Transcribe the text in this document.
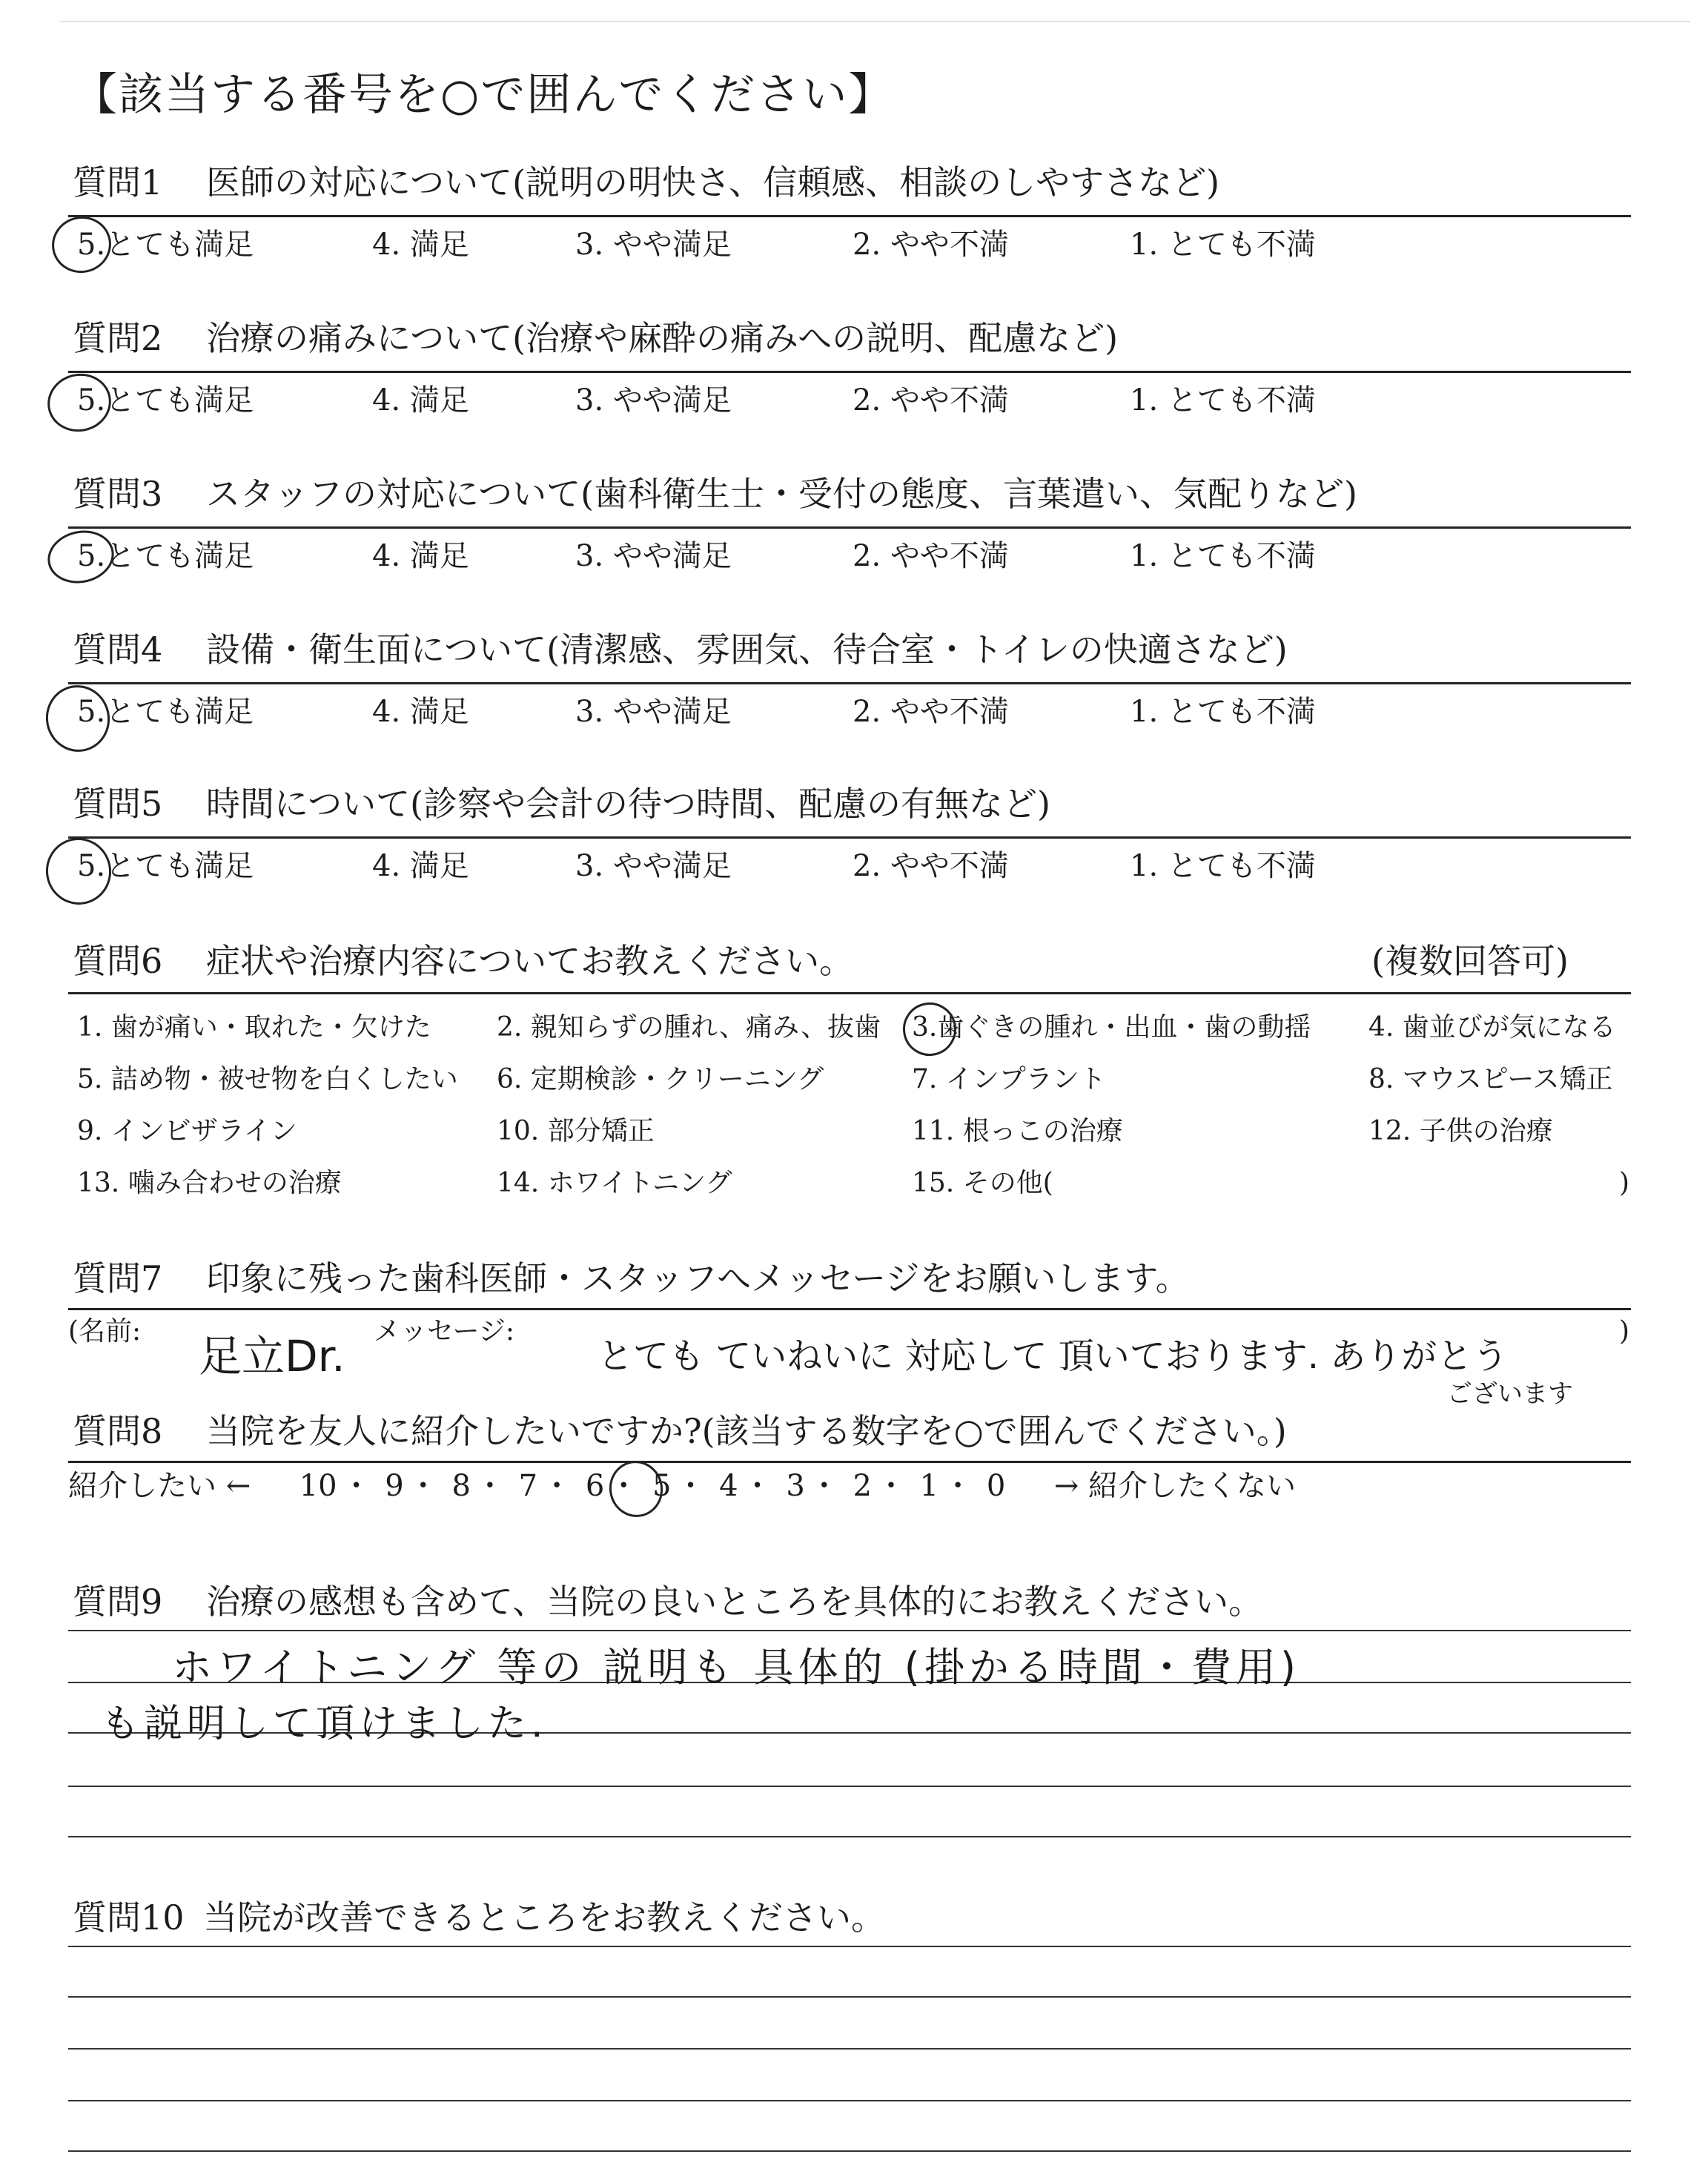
【該当する番号を○で囲んでください】
質問1 医師の対応について(説明の明快さ、信頼感、相談のしやすさなど)
5.とても満足	4. 満足	3. やや満足	2. やや不満	1. とても不満
質問2 治療の痛みについて(治療や麻酔の痛みへの説明、配慮など)
5.とても満足	4. 満足	3. やや満足	2. やや不満	1. とても不満
質問3 スタッフの対応について(歯科衛生士・受付の態度、言葉遣い、気配りなど)
5.とても満足	4. 満足	3. やや満足	2. やや不満	1. とても不満
質問4 設備・衛生面について(清潔感、雰囲気、待合室・トイレの快適さなど)
5.とても満足	4. 満足	3. やや満足	2. やや不満	1. とても不満
質問5 時間について(診察や会計の待つ時間、配慮の有無など)
5.とても満足	4. 満足	3. やや満足	2. やや不満	1. とても不満
質問6 症状や治療内容についてお教えください。	(複数回答可)
1. 歯が痛い・取れた・欠けた 2. 親知らずの腫れ、痛み、抜歯 3.歯ぐきの腫れ・出血・歯の動揺 4. 歯並びが気になる
5. 詰め物・被せ物を白くしたい 6. 定期検診・クリーニング	7. インプラント	8. マウスピース矯正
9. インビザライン	10. 部分矯正	11. 根っこの治療	12. 子供の治療
13. 噛み合わせの治療	14. ホワイトニング	15. その他(	)
質問7 印象に残った歯科医師・スタッフへメッセージをお願いします。
(名前:	メッセージ:	)
足立Dr.	とても ていねいに 対応して 頂いております. ありがとう
ございます
質問8 当院を友人に紹介したいですか?(該当する数字を○で囲んでください。)
紹介したい ← 10 ・ 9 ・ 8 ・ 7 ・ 6 ・ 5 ・ 4 ・ 3 ・ 2 ・ 1 ・ 0 → 紹介したくない
質問9 治療の感想も含めて、当院の良いところを具体的にお教えください。
ホワイトニング 等の 説明も 具体的 (掛かる時間・費用)
も説明して頂けました.
質問10 当院が改善できるところをお教えください。
